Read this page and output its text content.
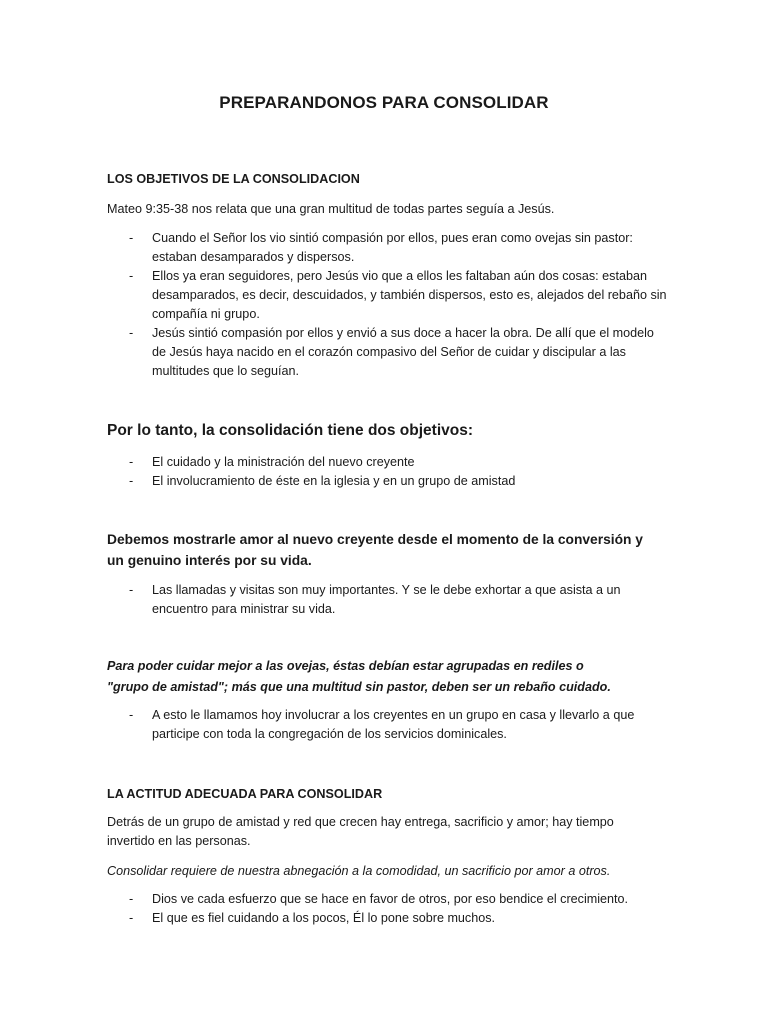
PREPARANDONOS PARA CONSOLIDAR
LOS OBJETIVOS DE LA CONSOLIDACION
Mateo 9:35-38 nos relata que una gran multitud de todas partes seguía a Jesús.
- Cuando el Señor los vio sintió compasión por ellos, pues eran como ovejas sin pastor: estaban desamparados y dispersos.
- Ellos ya eran seguidores, pero Jesús vio que a ellos les faltaban aún dos cosas: estaban desamparados, es decir, descuidados, y también dispersos, esto es, alejados del rebaño sin compañía ni grupo.
- Jesús sintió compasión por ellos y envió a sus doce a hacer la obra. De allí que el modelo de Jesús haya nacido en el corazón compasivo del Señor de cuidar y discipular a las multitudes que lo seguían.
Por lo tanto, la consolidación tiene dos objetivos:
- El cuidado y la ministración del nuevo creyente
- El involucramiento de éste en la iglesia y en un grupo de amistad
Debemos mostrarle amor al nuevo creyente desde el momento de la conversión y un genuino interés por su vida.
- Las llamadas y visitas son muy importantes. Y se le debe exhortar a que asista a un encuentro para ministrar su vida.
Para poder cuidar mejor a las ovejas, éstas debían estar agrupadas en rediles o "grupo de amistad"; más que una multitud sin pastor, deben ser un rebaño cuidado.
- A esto le llamamos hoy involucrar a los creyentes en un grupo en casa y llevarlo a que participe con toda la congregación de los servicios dominicales.
LA ACTITUD ADECUADA PARA CONSOLIDAR
Detrás de un grupo de amistad y red que crecen hay entrega, sacrificio y amor; hay tiempo invertido en las personas.
Consolidar requiere de nuestra abnegación a la comodidad, un sacrificio por amor a otros.
- Dios ve cada esfuerzo que se hace en favor de otros, por eso bendice el crecimiento.
- El que es fiel cuidando a los pocos, Él lo pone sobre muchos.
